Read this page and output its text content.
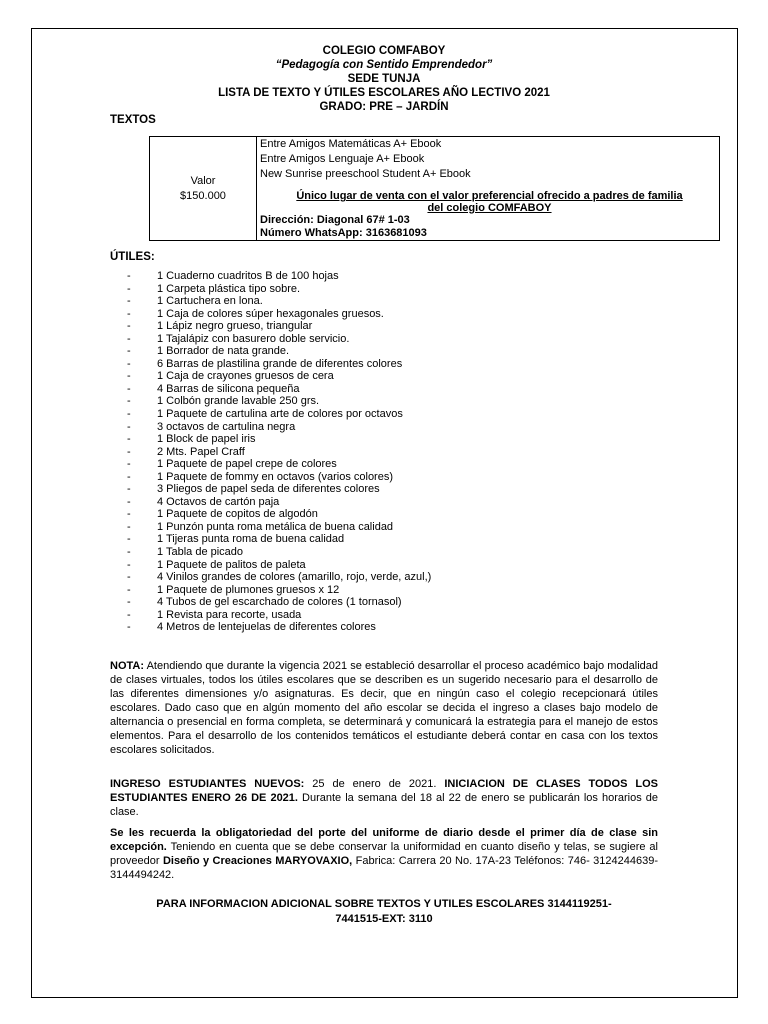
COLEGIO COMFABOY
“Pedagogía con Sentido Emprendedor”
SEDE TUNJA
LISTA DE TEXTO Y ÚTILES ESCOLARES AÑO LECTIVO 2021
GRADO: PRE – JARDÍN
TEXTOS
Valor
$150.000

Entre Amigos Matemáticas A+ Ebook
Entre Amigos Lenguaje A+ Ebook
New Sunrise preeschool Student A+ Ebook
Único lugar de venta con el valor preferencial ofrecido a padres de familia
del colegio COMFABOY
Dirección: Diagonal 67# 1-03
Número WhatsApp: 3163681093
ÚTILES:
- 1 Cuaderno cuadritos B de 100 hojas
- 1 Carpeta plástica tipo sobre.
- 1 Cartuchera en lona.
- 1 Caja de colores súper hexagonales gruesos.
- 1 Lápiz negro grueso, triangular
- 1 Tajalápiz con basurero doble servicio.
- 1 Borrador de nata grande.
- 6 Barras de plastilina grande de diferentes colores
- 1 Caja de crayones gruesos de cera
- 4 Barras de silicona pequeña
- 1 Colbón grande lavable 250 grs.
- 1 Paquete de cartulina arte de colores por octavos
- 3 octavos de cartulina negra
- 1 Block de papel iris
- 2 Mts. Papel Craff
- 1 Paquete de papel crepe de colores
- 1 Paquete de fommy en octavos (varios colores)
- 3 Pliegos de papel seda de diferentes colores
- 4 Octavos de cartón paja
- 1 Paquete de copitos de algodón
- 1 Punzón punta roma metálica de buena calidad
- 1 Tijeras punta roma de buena calidad
- 1 Tabla de picado
- 1 Paquete de palitos de paleta
- 4 Vinilos grandes de colores (amarillo, rojo, verde, azul,)
- 1 Paquete de plumones gruesos x 12
- 4 Tubos de gel escarchado de colores (1 tornasol)
- 1 Revista para recorte, usada
- 4 Metros de lentejuelas de diferentes colores
NOTA: Atendiendo que durante la vigencia 2021 se estableció desarrollar el proceso académico bajo modalidad de clases virtuales, todos los útiles escolares que se describen es un sugerido necesario para el desarrollo de las diferentes dimensiones y/o asignaturas. Es decir, que en ningún caso el colegio recepcionará útiles escolares. Dado caso que en algún momento del año escolar se decida el ingreso a clases bajo modelo de alternancia o presencial en forma completa, se determinará y comunicará la estrategia para el manejo de estos elementos. Para el desarrollo de los contenidos temáticos el estudiante deberá contar en casa con los textos escolares solicitados.
INGRESO ESTUDIANTES NUEVOS: 25 de enero de 2021. INICIACION DE CLASES TODOS LOS ESTUDIANTES ENERO 26 DE 2021. Durante la semana del 18 al 22 de enero se publicarán los horarios de clase.
Se les recuerda la obligatoriedad del porte del uniforme de diario desde el primer día de clase sin excepción. Teniendo en cuenta que se debe conservar la uniformidad en cuanto diseño y telas, se sugiere al proveedor Diseño y Creaciones MARYOVAXIO, Fabrica: Carrera 20 No. 17A-23 Teléfonos: 746- 3124244639- 3144494242.
PARA INFORMACION ADICIONAL SOBRE TEXTOS Y UTILES ESCOLARES 3144119251-
7441515-EXT: 3110
